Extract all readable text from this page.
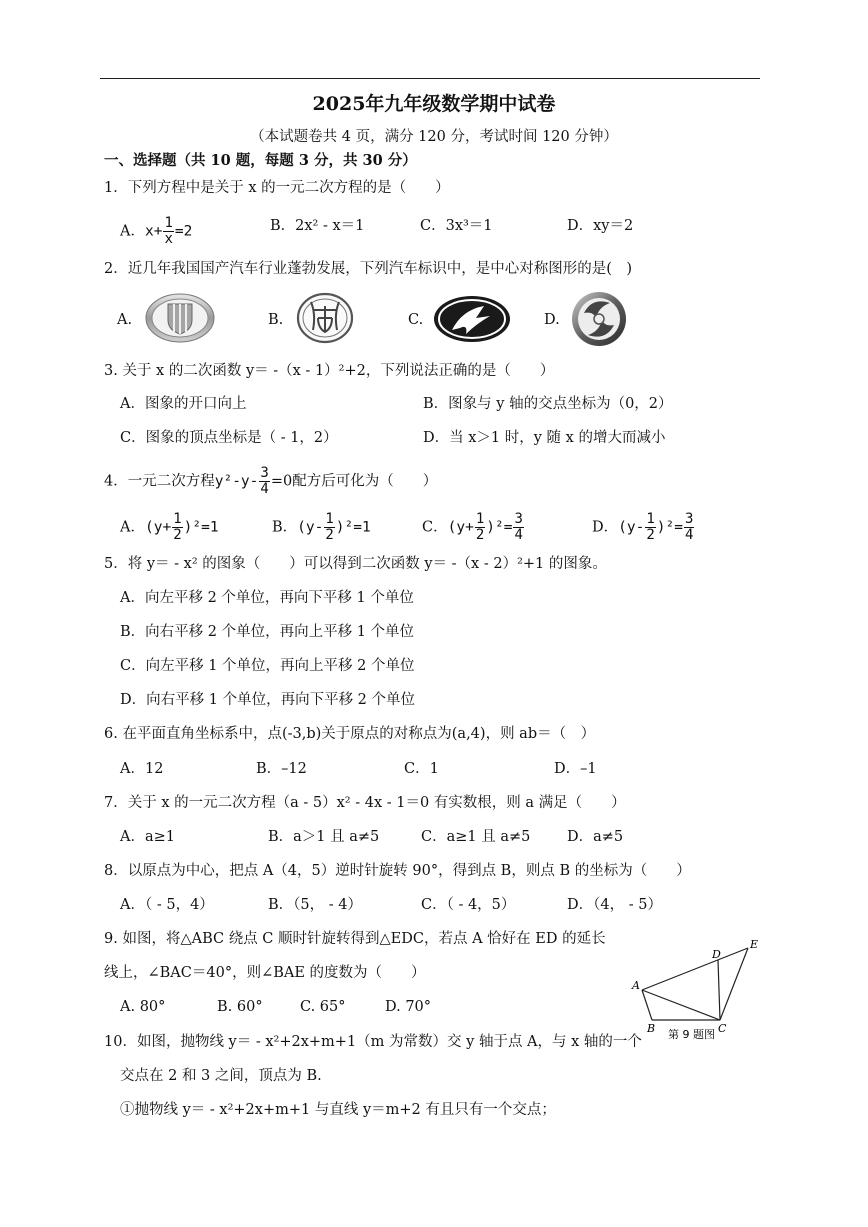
2025年九年级数学期中试卷
（本试题卷共 4 页，满分 120 分，考试时间 120 分钟）
一、选择题（共 10 题，每题 3 分，共 30 分）
1．下列方程中是关于 x 的一元二次方程的是（　　）
A．$x+ \frac{1}{x} =2$	B．2x² - x＝1	C．3x³＝1	D．xy＝2
2．近几年我国国产汽车行业蓬勃发展，下列汽车标识中，是中心对称图形的是(　)
A.	B.	C.	D.
3. 关于 x 的二次函数 y＝ -（x - 1）²+2，下列说法正确的是（　　）
A．图象的开口向上	B．图象与 y 轴的交点坐标为（0，2）
C．图象的顶点坐标是（ - 1，2）	D．当 x＞1 时，y 随 x 的增大而减小
4．一元二次方程$y^2-y- \frac{3}{4} =0$配方后可化为（　　）
A．$(y+ \frac{1}{2} )^2=1$	B．$(y- \frac{1}{2} )^2=1$	C．$(y+ \frac{1}{2} )^2= \frac{3}{4}$	D．$(y- \frac{1}{2} )^2= \frac{3}{4}$
5．将 y＝ - x² 的图象（　　）可以得到二次函数 y＝ -（x - 2）²+1 的图象。
A．向左平移 2 个单位，再向下平移 1 个单位
B．向右平移 2 个单位，再向上平移 1 个单位
C．向左平移 1 个单位，再向上平移 2 个单位
D．向右平移 1 个单位，再向下平移 2 个单位
6. 在平面直角坐标系中，点(-3,b)关于原点的对称点为(a,4)，则 ab＝（　）
A．12	B．–12	C．1	D．–1
7．关于 x 的一元二次方程（a - 5）x² - 4x - 1＝0 有实数根，则 a 满足（　　）
A．a≥1	B．a＞1 且 a≠5	C．a≥1 且 a≠5	D．a≠5
8．以原点为中心，把点 A（4，5）逆时针旋转 90°，得到点 B，则点 B 的坐标为（　　）
A．（ - 5，4）	B．（5， - 4）	C．（ - 4，5）	D．（4， - 5）
9. 如图，将△ABC 绕点 C 顺时针旋转得到△EDC，若点 A 恰好在 ED 的延长
线上，∠BAC＝40°，则∠BAE 的度数为（　　）
A. 80°	B. 60°	C. 65°	D. 70°
A
B	C
D
E
第 9 题图
10．如图，抛物线 y＝ - x²+2x+m+1（m 为常数）交 y 轴于点 A，与 x 轴的一个
交点在 2 和 3 之间，顶点为 B.
①抛物线 y＝ - x²+2x+m+1 与直线 y＝m+2 有且只有一个交点；
